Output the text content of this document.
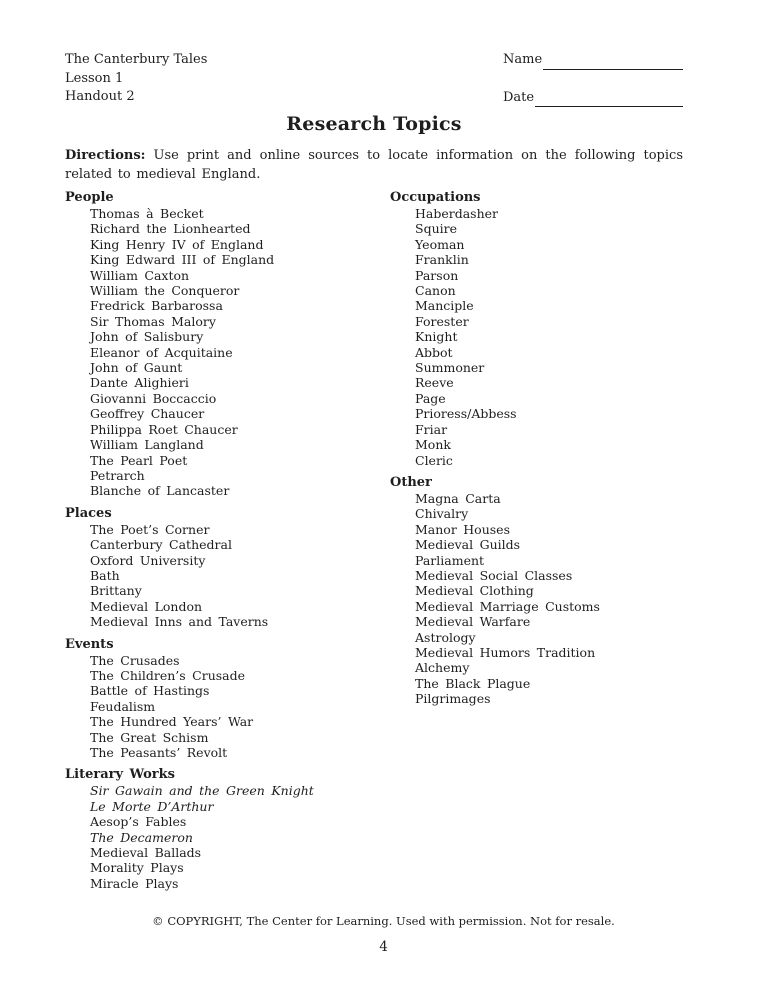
The Canterbury Tales
Lesson 1
Handout 2
Name
Date
Research Topics

Directions: Use print and online sources to locate information on the following topics related to medieval England.

People
Thomas à Becket
Richard the Lionhearted
King Henry IV of England
King Edward III of England
William Caxton
William the Conqueror
Fredrick Barbarossa
Sir Thomas Malory
John of Salisbury
Eleanor of Acquitaine
John of Gaunt
Dante Alighieri
Giovanni Boccaccio
Geoffrey Chaucer
Philippa Roet Chaucer
William Langland
The Pearl Poet
Petrarch
Blanche of Lancaster
Places
The Poet’s Corner
Canterbury Cathedral
Oxford University
Bath
Brittany
Medieval London
Medieval Inns and Taverns
Events
The Crusades
The Children’s Crusade
Battle of Hastings
Feudalism
The Hundred Years’ War
The Great Schism
The Peasants’ Revolt
Literary Works
Sir Gawain and the Green Knight
Le Morte D’Arthur
Aesop’s Fables
The Decameron
Medieval Ballads
Morality Plays
Miracle Plays
Occupations
Haberdasher
Squire
Yeoman
Franklin
Parson
Canon
Manciple
Forester
Knight
Abbot
Summoner
Reeve
Page
Prioress/Abbess
Friar
Monk
Cleric
Other
Magna Carta
Chivalry
Manor Houses
Medieval Guilds
Parliament
Medieval Social Classes
Medieval Clothing
Medieval Marriage Customs
Medieval Warfare
Astrology
Medieval Humors Tradition
Alchemy
The Black Plague
Pilgrimages
© COPYRIGHT, The Center for Learning. Used with permission. Not for resale.
4
